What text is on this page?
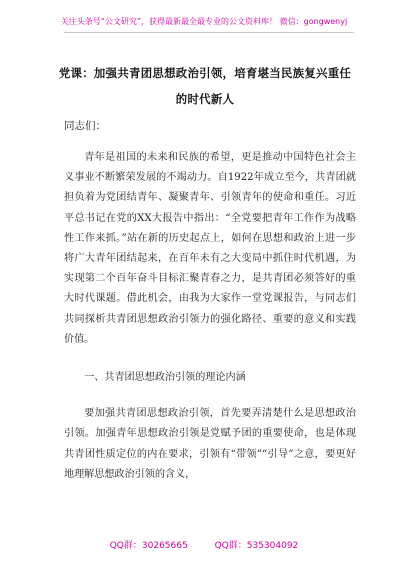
关注头条号“公文研究”，获得最新最全最专业的公文资料库！ 微信：gongwenyj
党课：加强共青团思想政治引领，培育堪当民族复兴重任
的时代新人
同志们：

青年是祖国的未来和民族的希望，更是推动中国特色社会主义事业不断繁荣发展的不竭动力。自1922年成立至今，共青团就担负着为党团结青年、凝聚青年、引领青年的使命和重任。习近平总书记在党的XX大报告中指出：“全党要把青年工作作为战略性工作来抓。”站在新的历史起点上，如何在思想和政治上进一步将广大青年团结起来，在百年未有之大变局中抓住时代机遇，为实现第二个百年奋斗目标汇聚青春之力，是共青团必须答好的重大时代课题。借此机会，由我为大家作一堂党课报告，与同志们共同探析共青团思想政治引领力的强化路径、重要的意义和实践价值。

一、共青团思想政治引领的理论内涵

要加强共青团思想政治引领，首先要弄清楚什么是思想政治引领。加强青年思想政治引领是党赋予团的重要使命，也是体现共青团性质定位的内在要求，引领有“带领”“引导”之意，要更好地理解思想政治引领的含义，

QQ群：30265665	QQ群：535304092
